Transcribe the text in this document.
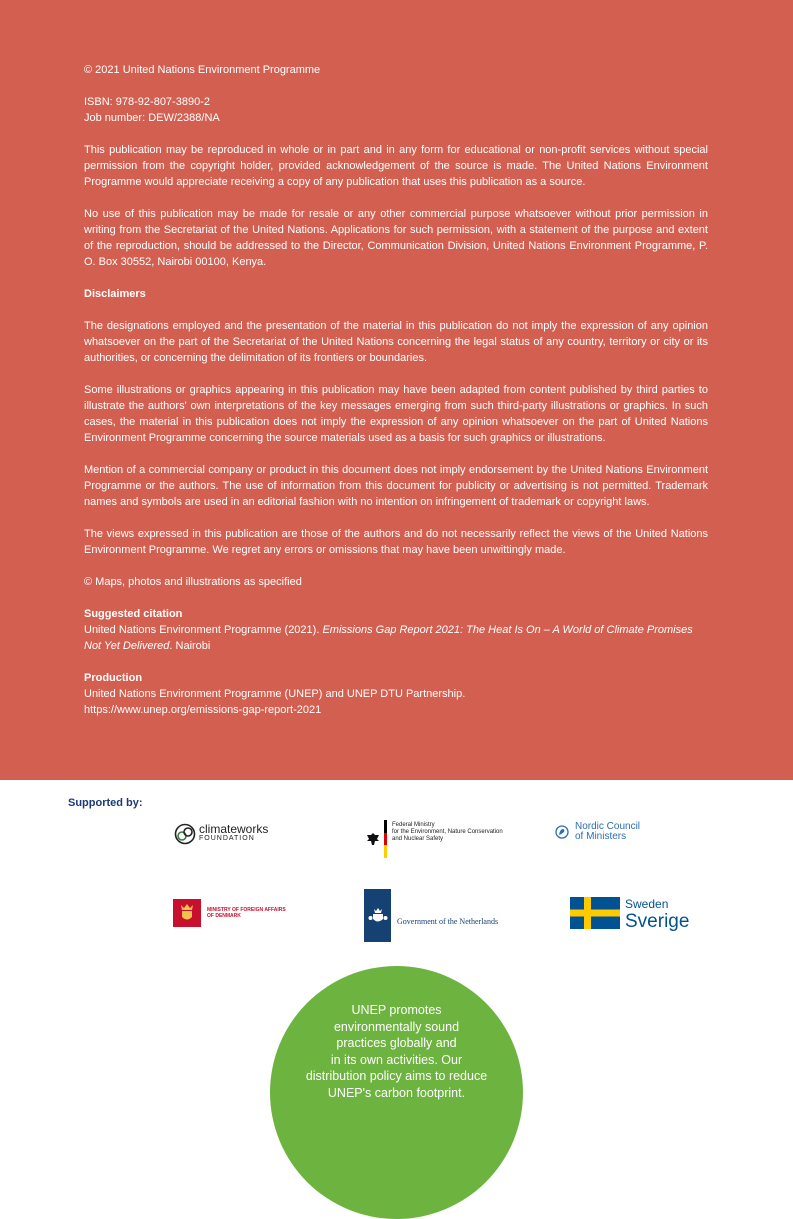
© 2021 United Nations Environment Programme

ISBN: 978-92-807-3890-2
Job number: DEW/2388/NA

This publication may be reproduced in whole or in part and in any form for educational or non-profit services without special permission from the copyright holder, provided acknowledgement of the source is made. The United Nations Environment Programme would appreciate receiving a copy of any publication that uses this publication as a source.

No use of this publication may be made for resale or any other commercial purpose whatsoever without prior permission in writing from the Secretariat of the United Nations. Applications for such permission, with a statement of the purpose and extent of the reproduction, should be addressed to the Director, Communication Division, United Nations Environment Programme, P. O. Box 30552, Nairobi 00100, Kenya.

Disclaimers

The designations employed and the presentation of the material in this publication do not imply the expression of any opinion whatsoever on the part of the Secretariat of the United Nations concerning the legal status of any country, territory or city or its authorities, or concerning the delimitation of its frontiers or boundaries.

Some illustrations or graphics appearing in this publication may have been adapted from content published by third parties to illustrate the authors' own interpretations of the key messages emerging from such third-party illustrations or graphics. In such cases, the material in this publication does not imply the expression of any opinion whatsoever on the part of United Nations Environment Programme concerning the source materials used as a basis for such graphics or illustrations.

Mention of a commercial company or product in this document does not imply endorsement by the United Nations Environment Programme or the authors. The use of information from this document for publicity or advertising is not permitted. Trademark names and symbols are used in an editorial fashion with no intention on infringement of trademark or copyright laws.

The views expressed in this publication are those of the authors and do not necessarily reflect the views of the United Nations Environment Programme. We regret any errors or omissions that may have been unwittingly made.

© Maps, photos and illustrations as specified

Suggested citation
United Nations Environment Programme (2021). Emissions Gap Report 2021: The Heat Is On – A World of Climate Promises Not Yet Delivered. Nairobi

Production
United Nations Environment Programme (UNEP) and UNEP DTU Partnership.
https://www.unep.org/emissions-gap-report-2021

Supported by:
climateworks
FOUNDATION
Federal Ministry
for the Environment, Nature Conservation
and Nuclear Safety
Nordic Council
of Ministers
MINISTRY OF FOREIGN AFFAIRS
OF DENMARK
Government of the Netherlands
Sweden
Sverige
UNEP promotes
environmentally sound
practices globally and
in its own activities. Our
distribution policy aims to reduce
UNEP's carbon footprint.
